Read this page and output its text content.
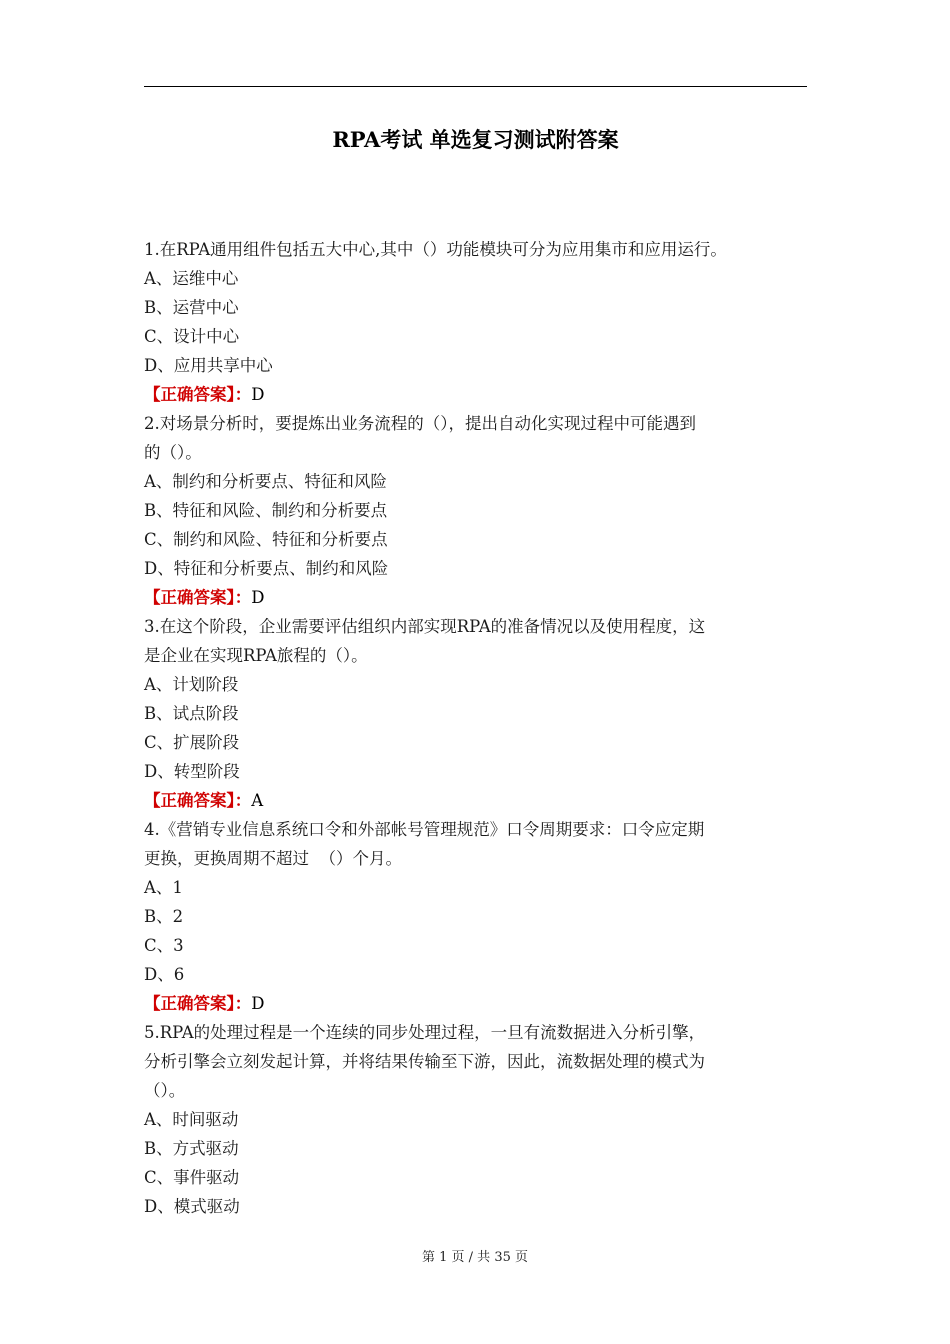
RPA考试 单选复习测试附答案
1.在RPA通用组件包括五大中心,其中（）功能模块可分为应用集市和应用运行。
A、运维中心
B、运营中心
C、设计中心
D、应用共享中心
【正确答案】：D
2.对场景分析时，要提炼出业务流程的（），提出自动化实现过程中可能遇到
的（）。
A、制约和分析要点、特征和风险
B、特征和风险、制约和分析要点
C、制约和风险、特征和分析要点
D、特征和分析要点、制约和风险
【正确答案】：D
3.在这个阶段，企业需要评估组织内部实现RPA的准备情况以及使用程度，这
是企业在实现RPA旅程的（）。
A、计划阶段
B、试点阶段
C、扩展阶段
D、转型阶段
【正确答案】：A
4.《营销专业信息系统口令和外部帐号管理规范》口令周期要求：口令应定期
更换，更换周期不超过  （）个月。
A、1
B、2
C、3
D、6
【正确答案】：D
5.RPA的处理过程是一个连续的同步处理过程，一旦有流数据进入分析引擎，
分析引擎会立刻发起计算，并将结果传输至下游，因此，流数据处理的模式为
（）。
A、时间驱动
B、方式驱动
C、事件驱动
D、模式驱动
第 1 页 / 共 35 页
